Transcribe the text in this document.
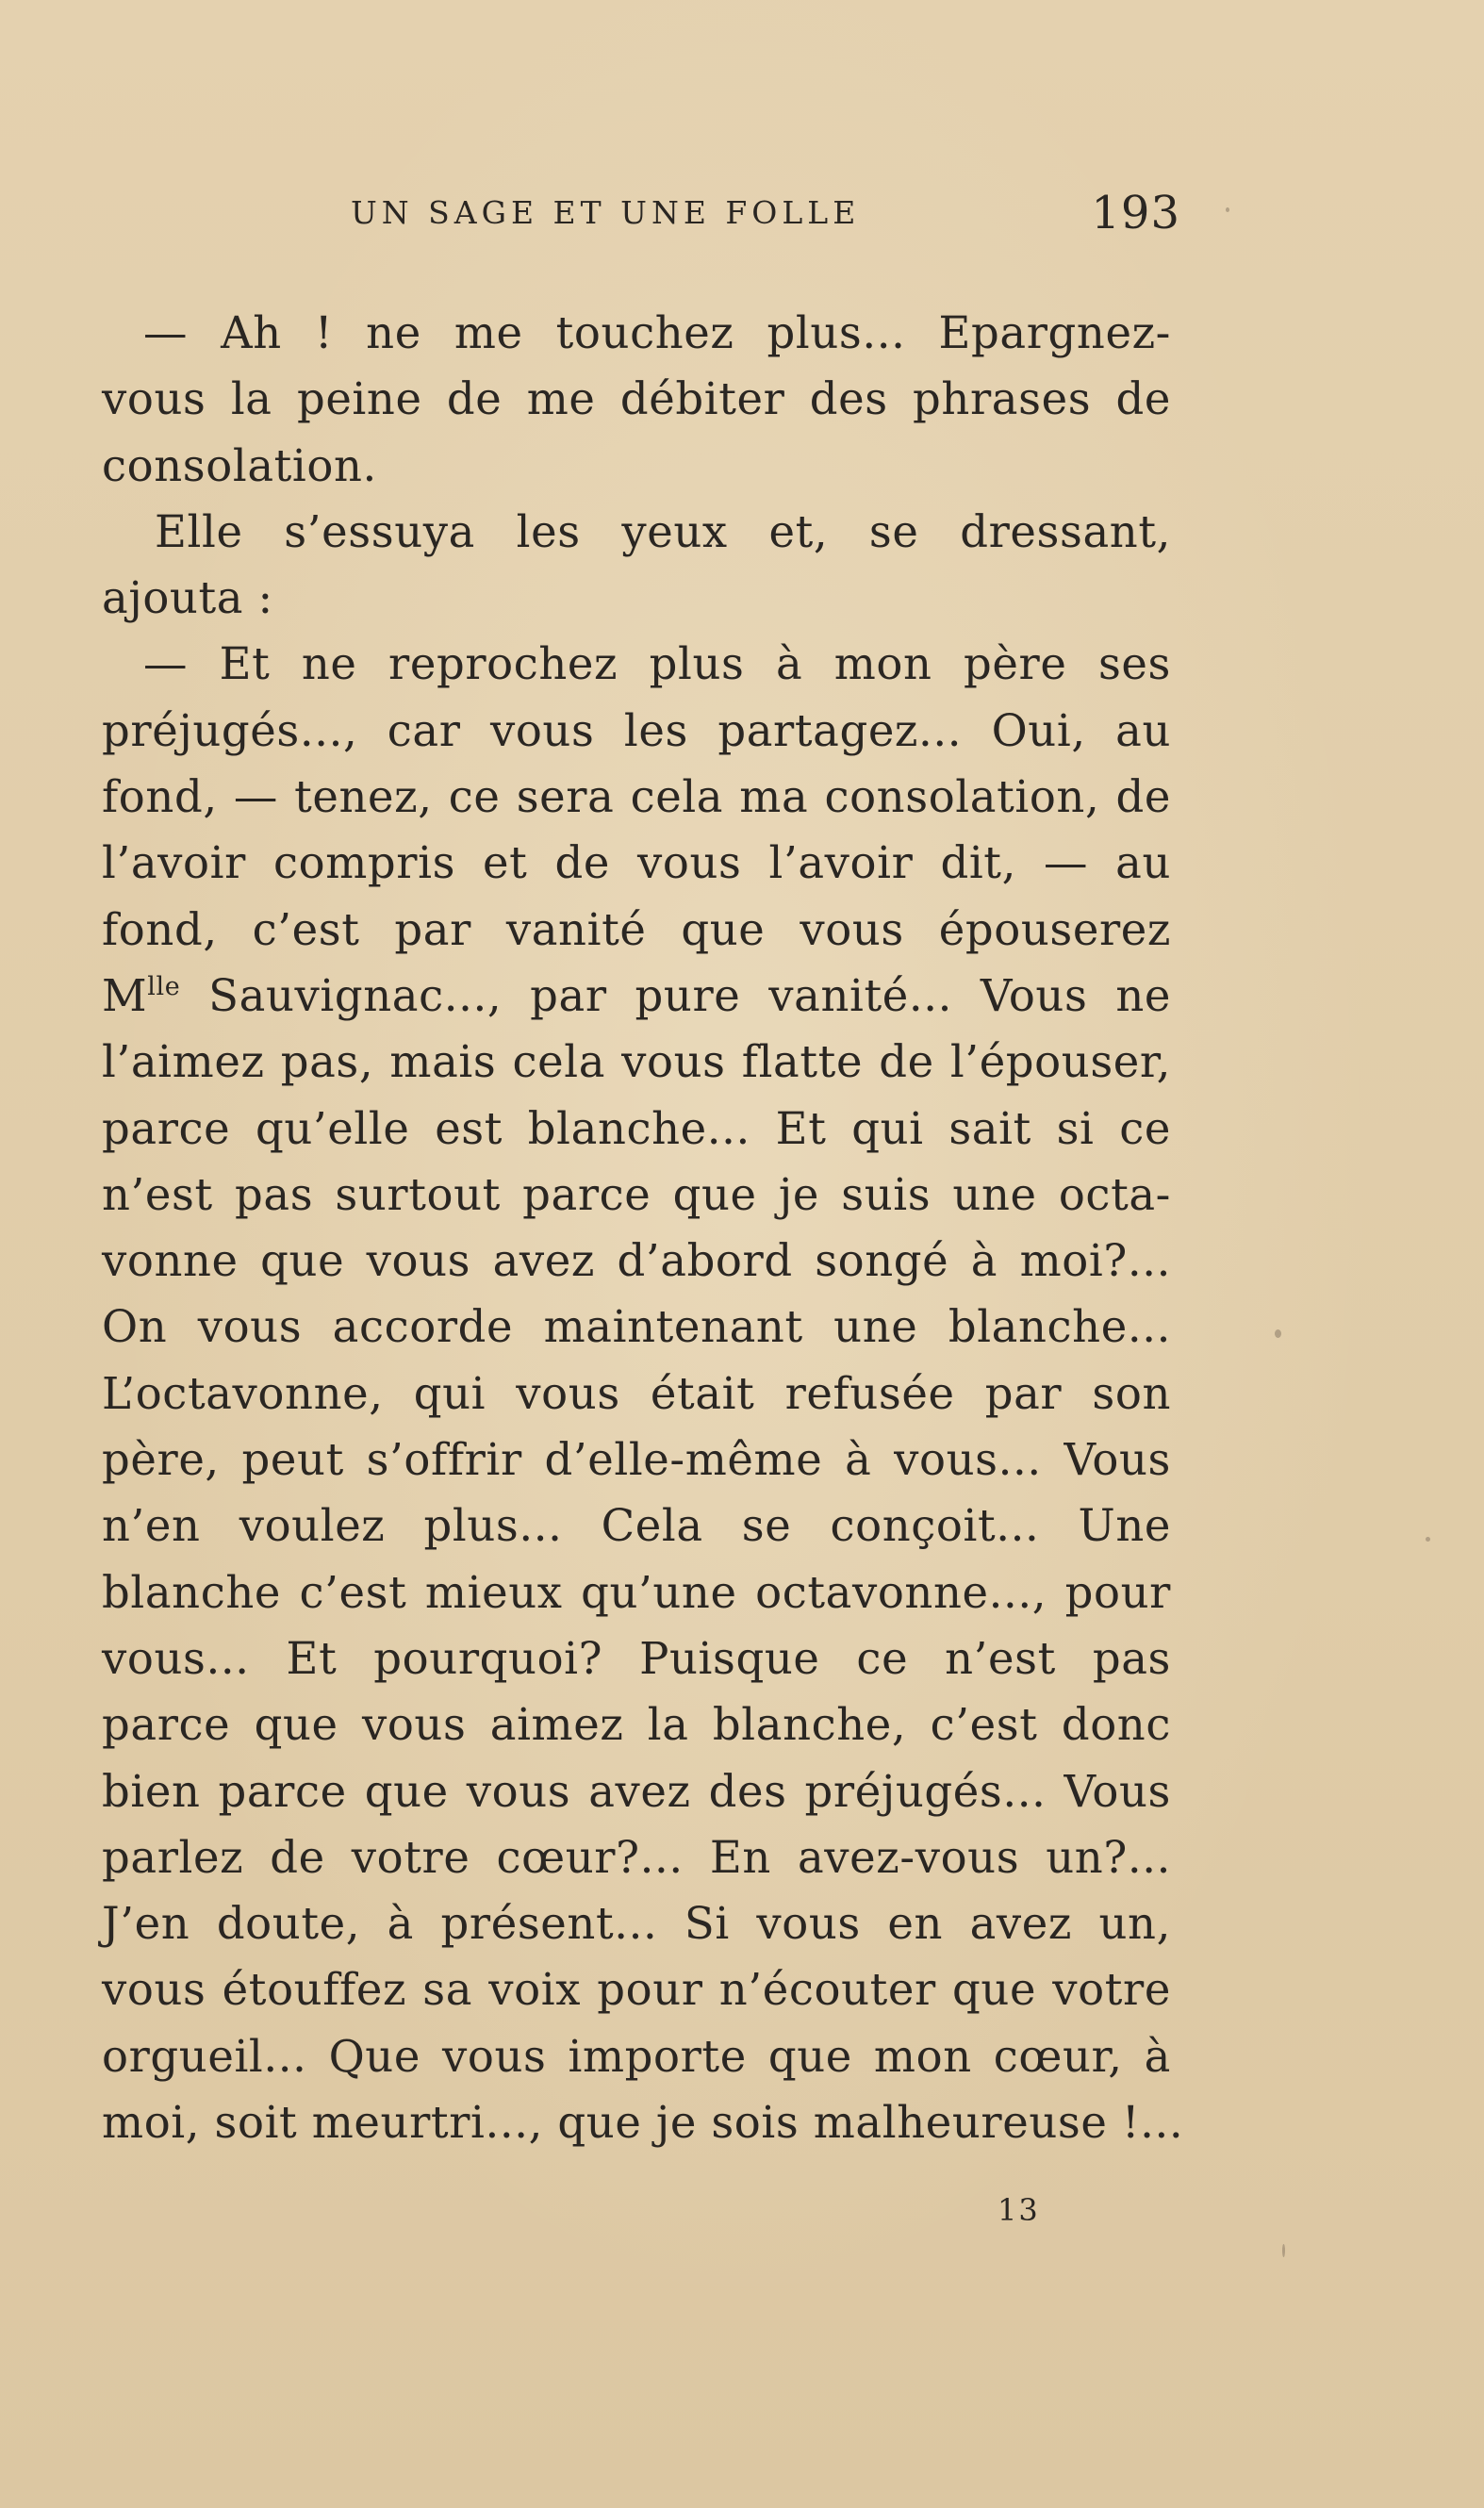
UN SAGE ET UNE FOLLE	193
— Ah ! ne me touchez plus... Epargnez-
vous la peine de me débiter des phrases de
consolation.
Elle s’essuya les yeux et, se dressant,
ajouta :
— Et ne reprochez plus à mon père ses
préjugés..., car vous les partagez... Oui, au
fond, — tenez, ce sera cela ma consolation, de
l’avoir compris et de vous l’avoir dit, — au
fond, c’est par vanité que vous épouserez
$M^{lle}$ Sauvignac..., par pure vanité... Vous ne
l’aimez pas, mais cela vous flatte de l’épouser,
parce qu’elle est blanche... Et qui sait si ce
n’est pas surtout parce que je suis une octa-
vonne que vous avez d’abord songé à moi?...
On vous accorde maintenant une blanche...
L’octavonne, qui vous était refusée par son
père, peut s’offrir d’elle-même à vous... Vous
n’en voulez plus... Cela se conçoit... Une
blanche c’est mieux qu’une octavonne..., pour
vous... Et pourquoi? Puisque ce n’est pas
parce que vous aimez la blanche, c’est donc
bien parce que vous avez des préjugés... Vous
parlez de votre cœur?... En avez-vous un?...
J’en doute, à présent... Si vous en avez un,
vous étouffez sa voix pour n’écouter que votre
orgueil... Que vous importe que mon cœur, à
moi, soit meurtri..., que je sois malheureuse !...
13
